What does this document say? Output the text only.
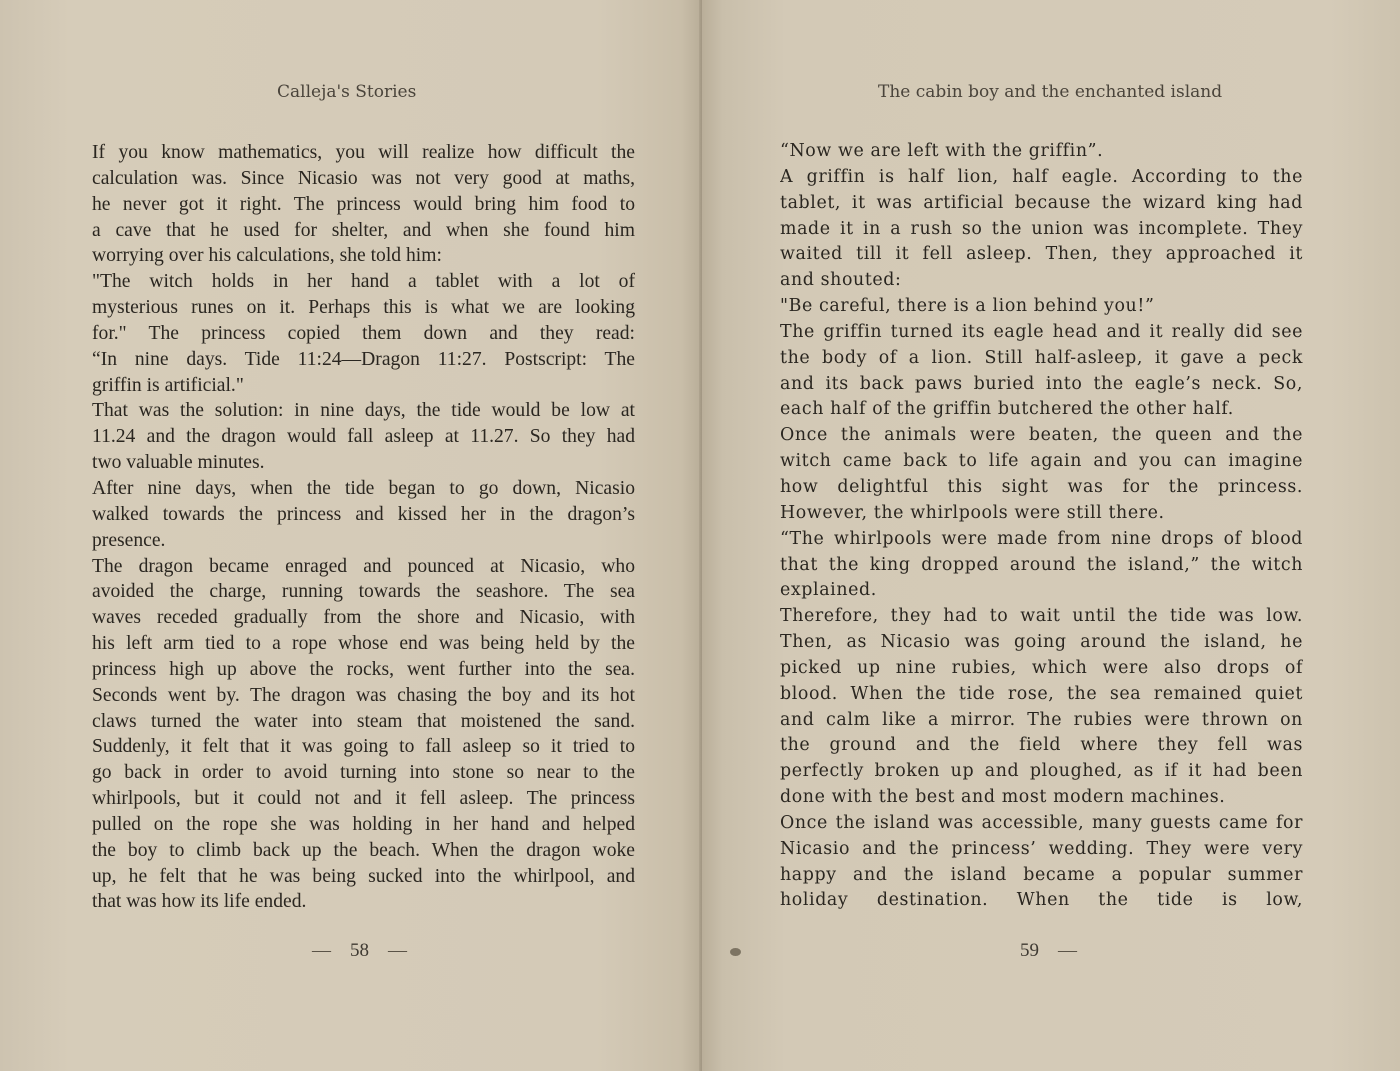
Calleja's Stories
If you know mathematics, you will realize how difficult the
calculation was. Since Nicasio was not very good at maths,
he never got it right. The princess would bring him food to
a cave that he used for shelter, and when she found him
worrying over his calculations, she told him:
"The witch holds in her hand a tablet with a lot of
mysterious runes on it. Perhaps this is what we are looking
for." The princess copied them down and they read:
“In nine days. Tide 11:24—Dragon 11:27. Postscript: The
griffin is artificial."
That was the solution: in nine days, the tide would be low at
11.24 and the dragon would fall asleep at 11.27. So they had
two valuable minutes.
After nine days, when the tide began to go down, Nicasio
walked towards the princess and kissed her in the dragon’s
presence.
The dragon became enraged and pounced at Nicasio, who
avoided the charge, running towards the seashore. The sea
waves receded gradually from the shore and Nicasio, with
his left arm tied to a rope whose end was being held by the
princess high up above the rocks, went further into the sea.
Seconds went by. The dragon was chasing the boy and its hot
claws turned the water into steam that moistened the sand.
Suddenly, it felt that it was going to fall asleep so it tried to
go back in order to avoid turning into stone so near to the
whirlpools, but it could not and it fell asleep. The princess
pulled on the rope she was holding in her hand and helped
the boy to climb back up the beach. When the dragon woke
up, he felt that he was being sucked into the whirlpool, and
that was how its life ended.
— 58 —
The cabin boy and the enchanted island
“Now we are left with the griffin”.
A griffin is half lion, half eagle. According to the
tablet, it was artificial because the wizard king had
made it in a rush so the union was incomplete. They
waited till it fell asleep. Then, they approached it
and shouted:
"Be careful, there is a lion behind you!”
The griffin turned its eagle head and it really did see
the body of a lion. Still half-asleep, it gave a peck
and its back paws buried into the eagle’s neck. So,
each half of the griffin butchered the other half.
Once the animals were beaten, the queen and the
witch came back to life again and you can imagine
how delightful this sight was for the princess.
However, the whirlpools were still there.
“The whirlpools were made from nine drops of blood
that the king dropped around the island,” the witch
explained.
Therefore, they had to wait until the tide was low.
Then, as Nicasio was going around the island, he
picked up nine rubies, which were also drops of
blood. When the tide rose, the sea remained quiet
and calm like a mirror. The rubies were thrown on
the ground and the field where they fell was
perfectly broken up and ploughed, as if it had been
done with the best and most modern machines.
Once the island was accessible, many guests came for
Nicasio and the princess’ wedding. They were very
happy and the island became a popular summer
holiday destination. When the tide is low,
59 —
